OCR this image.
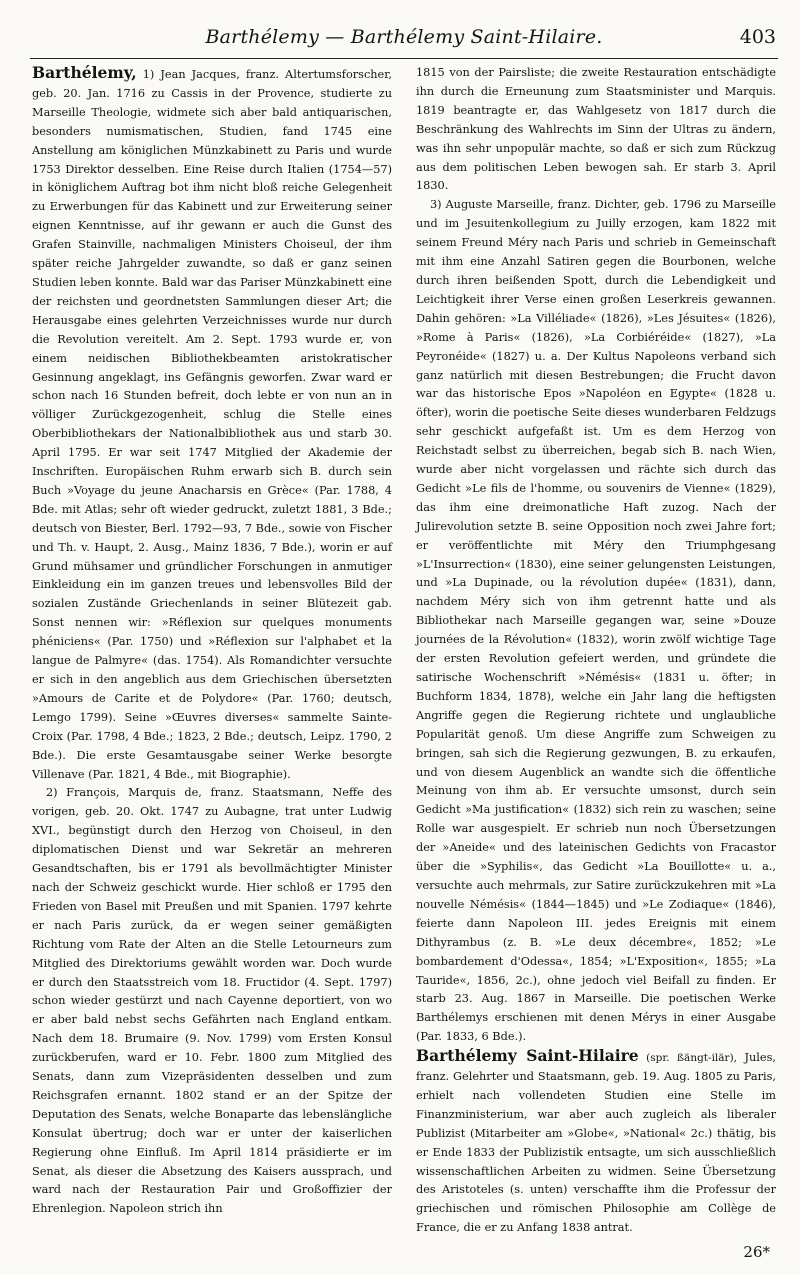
Barthélemy — Barthélemy Saint-Hilaire.	403

Barthélemy, 1) Jean Jacques, franz. Altertumsforscher, geb. 20. Jan. 1716 zu Cassis in der Provence, studierte zu Marseille Theologie, widmete sich aber bald antiquarischen, besonders numismatischen, Studien, fand 1745 eine Anstellung am königlichen Münzkabinett zu Paris und wurde 1753 Direktor desselben. Eine Reise durch Italien (1754—57) in königlichem Auftrag bot ihm nicht bloß reiche Gelegenheit zu Erwerbungen für das Kabinett und zur Erweiterung seiner eignen Kenntnisse, auf ihr gewann er auch die Gunst des Grafen Stainville, nachmaligen Ministers Choiseul, der ihm später reiche Jahrgelder zuwandte, so daß er ganz seinen Studien leben konnte. Bald war das Pariser Münzkabinett eine der reichsten und geordnetsten Sammlungen dieser Art; die Herausgabe eines gelehrten Verzeichnisses wurde nur durch die Revolution vereitelt. Am 2. Sept. 1793 wurde er, von einem neidischen Bibliothekbeamten aristokratischer Gesinnung angeklagt, ins Gefängnis geworfen. Zwar ward er schon nach 16 Stunden befreit, doch lebte er von nun an in völliger Zurückgezogenheit, schlug die Stelle eines Oberbibliothekars der Nationalbibliothek aus und starb 30. April 1795. Er war seit 1747 Mitglied der Akademie der Inschriften. Europäischen Ruhm erwarb sich B. durch sein Buch »Voyage du jeune Anacharsis en Grèce« (Par. 1788, 4 Bde. mit Atlas; sehr oft wieder gedruckt, zuletzt 1881, 3 Bde.; deutsch von Biester, Berl. 1792—93, 7 Bde., sowie von Fischer und Th. v. Haupt, 2. Ausg., Mainz 1836, 7 Bde.), worin er auf Grund mühsamer und gründlicher Forschungen in anmutiger Einkleidung ein im ganzen treues und lebensvolles Bild der sozialen Zustände Griechenlands in seiner Blütezeit gab. Sonst nennen wir: »Réflexion sur quelques monuments phéniciens« (Par. 1750) und »Réflexion sur l'alphabet et la langue de Palmyre« (das. 1754). Als Romandichter versuchte er sich in den angeblich aus dem Griechischen übersetzten »Amours de Carite et de Polydore« (Par. 1760; deutsch, Lemgo 1799). Seine »Œuvres diverses« sammelte Sainte-Croix (Par. 1798, 4 Bde.; 1823, 2 Bde.; deutsch, Leipz. 1790, 2 Bde.). Die erste Gesamtausgabe seiner Werke besorgte Villenave (Par. 1821, 4 Bde., mit Biographie).

2) François, Marquis de, franz. Staatsmann, Neffe des vorigen, geb. 20. Okt. 1747 zu Aubagne, trat unter Ludwig XVI., begünstigt durch den Herzog von Choiseul, in den diplomatischen Dienst und war Sekretär an mehreren Gesandtschaften, bis er 1791 als bevollmächtigter Minister nach der Schweiz geschickt wurde. Hier schloß er 1795 den Frieden von Basel mit Preußen und mit Spanien. 1797 kehrte er nach Paris zurück, da er wegen seiner gemäßigten Richtung vom Rate der Alten an die Stelle Letourneurs zum Mitglied des Direktoriums gewählt worden war. Doch wurde er durch den Staatsstreich vom 18. Fructidor (4. Sept. 1797) schon wieder gestürzt und nach Cayenne deportiert, von wo er aber bald nebst sechs Gefährten nach England entkam. Nach dem 18. Brumaire (9. Nov. 1799) vom Ersten Konsul zurückberufen, ward er 10. Febr. 1800 zum Mitglied des Senats, dann zum Vizepräsidenten desselben und zum Reichsgrafen ernannt. 1802 stand er an der Spitze der Deputation des Senats, welche Bonaparte das lebenslängliche Konsulat übertrug; doch war er unter der kaiserlichen Regierung ohne Einfluß. Im April 1814 präsidierte er im Senat, als dieser die Absetzung des Kaisers aussprach, und ward nach der Restauration Pair und Großoffizier der Ehrenlegion. Napoleon strich ihn

1815 von der Pairsliste; die zweite Restauration entschädigte ihn durch die Erneunung zum Staatsminister und Marquis. 1819 beantragte er, das Wahlgesetz von 1817 durch die Beschränkung des Wahlrechts im Sinn der Ultras zu ändern, was ihn sehr unpopulär machte, so daß er sich zum Rückzug aus dem politischen Leben bewogen sah. Er starb 3. April 1830.

3) Auguste Marseille, franz. Dichter, geb. 1796 zu Marseille und im Jesuitenkollegium zu Juilly erzogen, kam 1822 mit seinem Freund Méry nach Paris und schrieb in Gemeinschaft mit ihm eine Anzahl Satiren gegen die Bourbonen, welche durch ihren beißenden Spott, durch die Lebendigkeit und Leichtigkeit ihrer Verse einen großen Leserkreis gewannen. Dahin gehören: »La Villéliade« (1826), »Les Jésuites« (1826), »Rome à Paris« (1826), »La Corbiéréide« (1827), »La Peyronéide« (1827) u. a. Der Kultus Napoleons verband sich ganz natürlich mit diesen Bestrebungen; die Frucht davon war das historische Epos »Napoléon en Egypte« (1828 u. öfter), worin die poetische Seite dieses wunderbaren Feldzugs sehr geschickt aufgefaßt ist. Um es dem Herzog von Reichstadt selbst zu überreichen, begab sich B. nach Wien, wurde aber nicht vorgelassen und rächte sich durch das Gedicht »Le fils de l'homme, ou souvenirs de Vienne« (1829), das ihm eine dreimonatliche Haft zuzog. Nach der Julirevolution setzte B. seine Opposition noch zwei Jahre fort; er veröffentlichte mit Méry den Triumphgesang »L'Insurrection« (1830), eine seiner gelungensten Leistungen, und »La Dupinade, ou la révolution dupée« (1831), dann, nachdem Méry sich von ihm getrennt hatte und als Bibliothekar nach Marseille gegangen war, seine »Douze journées de la Révolution« (1832), worin zwölf wichtige Tage der ersten Revolution gefeiert werden, und gründete die satirische Wochenschrift »Némésis« (1831 u. öfter; in Buchform 1834, 1878), welche ein Jahr lang die heftigsten Angriffe gegen die Regierung richtete und unglaubliche Popularität genoß. Um diese Angriffe zum Schweigen zu bringen, sah sich die Regierung gezwungen, B. zu erkaufen, und von diesem Augenblick an wandte sich die öffentliche Meinung von ihm ab. Er versuchte umsonst, durch sein Gedicht »Ma justification« (1832) sich rein zu waschen; seine Rolle war ausgespielt. Er schrieb nun noch Übersetzungen der »Aneide« und des lateinischen Gedichts von Fracastor über die »Syphilis«, das Gedicht »La Bouillotte« u. a., versuchte auch mehrmals, zur Satire zurückzukehren mit »La nouvelle Némésis« (1844—1845) und »Le Zodiaque« (1846), feierte dann Napoleon III. jedes Ereignis mit einem Dithyrambus (z. B. »Le deux décembre«, 1852; »Le bombardement d'Odessa«, 1854; »L'Exposition«, 1855; »La Tauride«, 1856, 2c.), ohne jedoch viel Beifall zu finden. Er starb 23. Aug. 1867 in Marseille. Die poetischen Werke Barthélemys erschienen mit denen Mérys in einer Ausgabe (Par. 1833, 6 Bde.).

Barthélemy Saint-Hilaire (spr. ßängt-ilär), Jules, franz. Gelehrter und Staatsmann, geb. 19. Aug. 1805 zu Paris, erhielt nach vollendeten Studien eine Stelle im Finanzministerium, war aber auch zugleich als liberaler Publizist (Mitarbeiter am »Globe«, »National« 2c.) thätig, bis er Ende 1833 der Publizistik entsagte, um sich ausschließlich wissenschaftlichen Arbeiten zu widmen. Seine Übersetzung des Aristoteles (s. unten) verschaffte ihm die Professur der griechischen und römischen Philosophie am Collège de France, die er zu Anfang 1838 antrat.

26*
